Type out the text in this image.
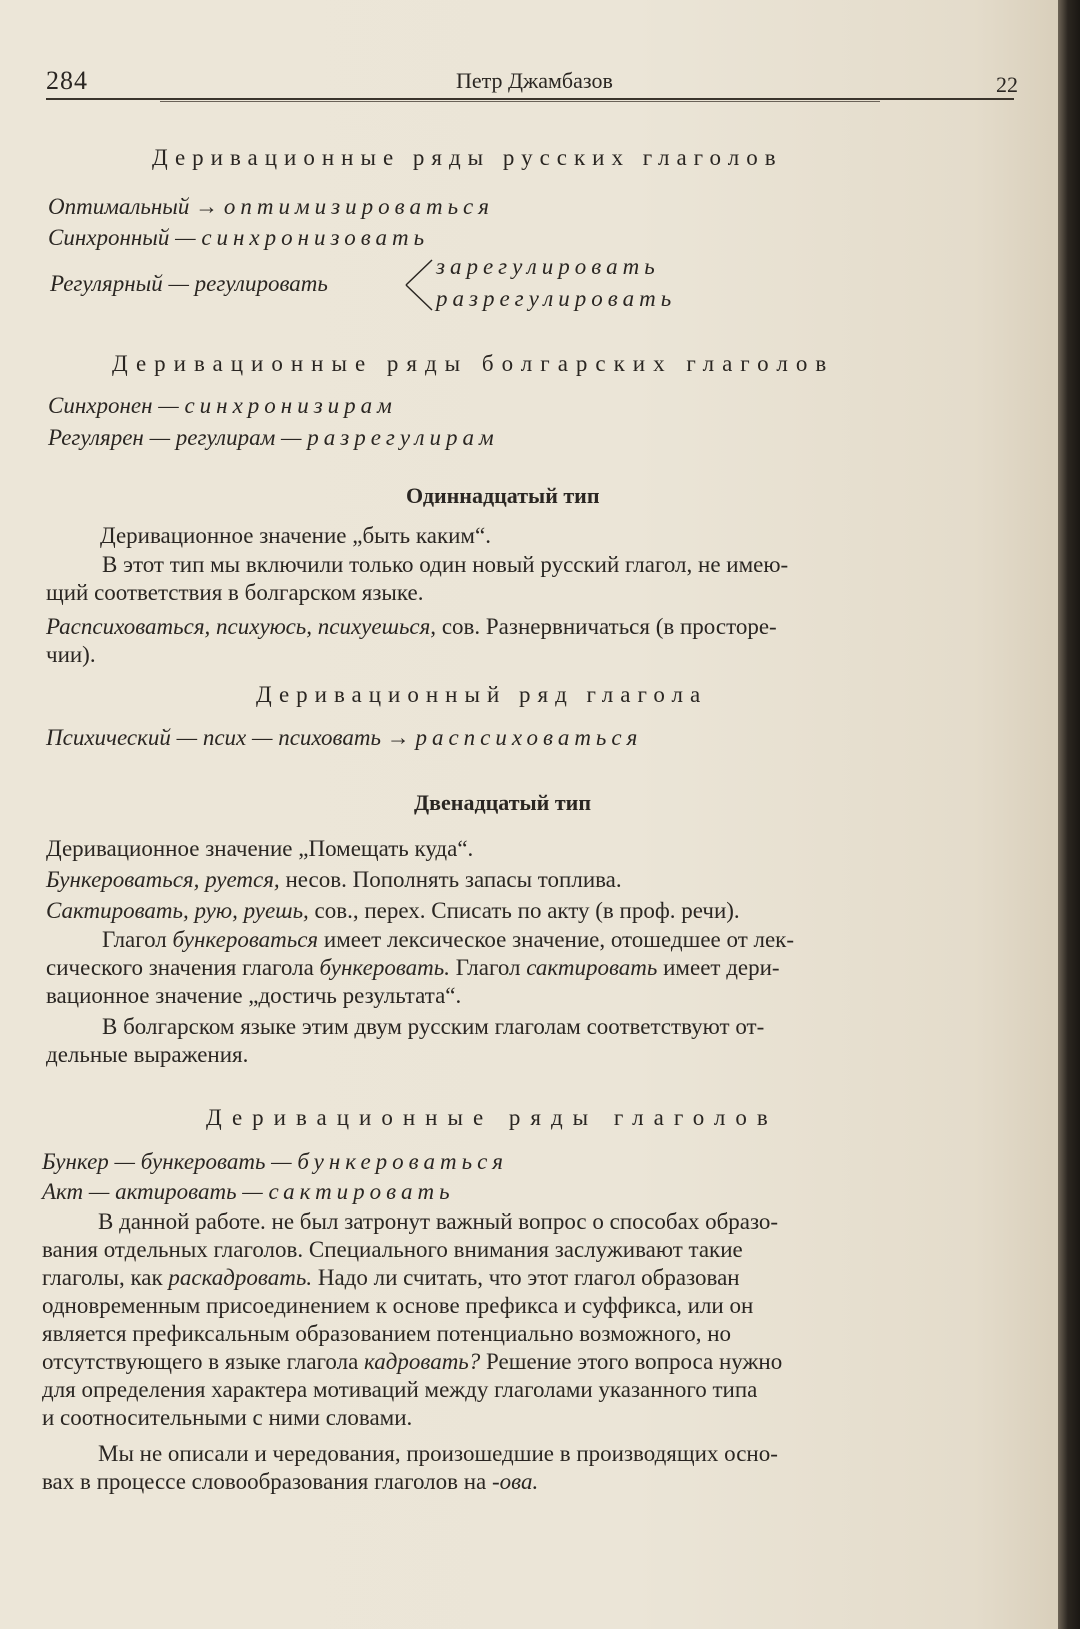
284	Петр Джамбазов	22
Деривационные ряды русских глаголов
Оптимальный → оптимизироваться
Синхронный — синхронизовать
Регулярный — регулировать
зарегулировать
разрегулировать
Деривационные ряды болгарских глаголов
Синхронен — синхронизирам
Регулярен — регулирам — разрегулирам
Одиннадцатый тип
Деривационное значение „быть каким“.
В этот тип мы включили только один новый русский глагол, не имею-
щий соответствия в болгарском языке.
Распсиховаться, психуюсь, психуешься, сов. Разнервничаться (в просторе-
чии).
Деривационный ряд глагола
Психический — псих — психовать → распсиховаться
Двенадцатый тип
Деривационное значение „Помещать куда“.
Бункероваться, руется, несов. Пополнять запасы топлива.
Сактировать, рую, руешь, сов., перех. Списать по акту (в проф. речи).
Глагол бункероваться имеет лексическое значение, отошедшее от лек-
сического значения глагола бункеровать. Глагол сактировать имеет дери-
вационное значение „достичь результата“.
В болгарском языке этим двум русским глаголам соответствуют от-
дельные выражения.
Деривационные ряды глаголов
Бункер — бункеровать — бункероваться
Акт — актировать — сактировать
В данной работе. не был затронут важный вопрос о способах образо-
вания отдельных глаголов. Специального внимания заслуживают такие
глаголы, как раскадровать. Надо ли считать, что этот глагол образован
одновременным присоединением к основе префикса и суффикса, или он
является префиксальным образованием потенциально возможного, но
отсутствующего в языке глагола кадровать? Решение этого вопроса нужно
для определения характера мотиваций между глаголами указанного типа
и соотносительными с ними словами.
Мы не описали и чередования, произошедшие в производящих осно-
вах в процессе словообразования глаголов на -ова.
